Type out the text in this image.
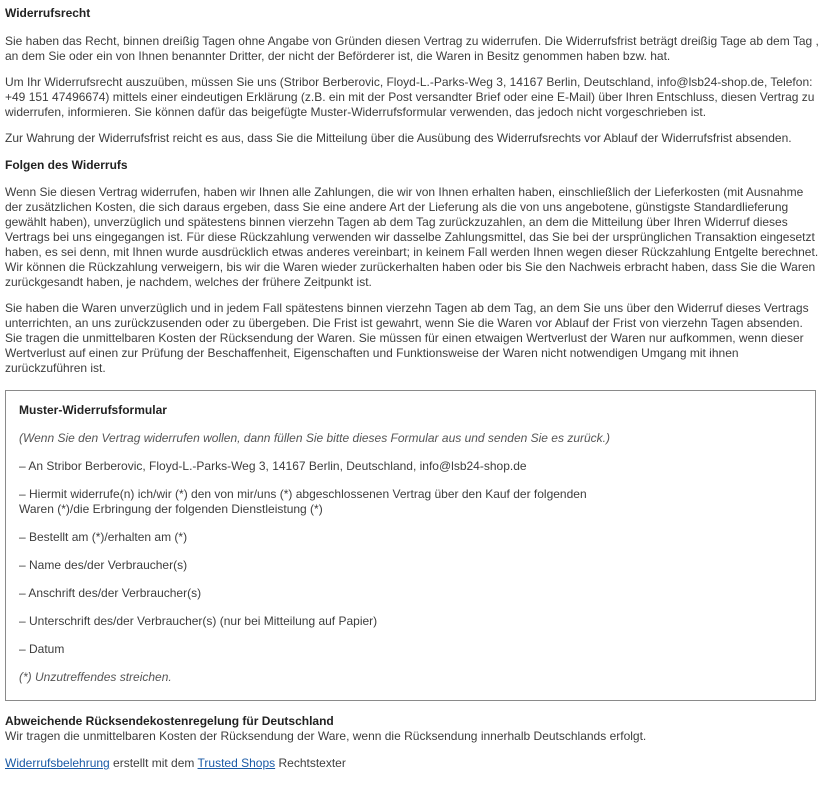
Widerrufsrecht

Sie haben das Recht, binnen dreißig Tagen ohne Angabe von Gründen diesen Vertrag zu widerrufen. Die Widerrufsfrist beträgt dreißig Tage ab dem Tag , an dem Sie oder ein von Ihnen benannter Dritter, der nicht der Beförderer ist, die Waren in Besitz genommen haben bzw. hat.

Um Ihr Widerrufsrecht auszuüben, müssen Sie uns (Stribor Berberovic, Floyd-L.-Parks-Weg 3, 14167 Berlin, Deutschland, info@lsb24-shop.de, Telefon: +49 151 47496674) mittels einer eindeutigen Erklärung (z.B. ein mit der Post versandter Brief oder eine E-Mail) über Ihren Entschluss, diesen Vertrag zu widerrufen, informieren. Sie können dafür das beigefügte Muster-Widerrufsformular verwenden, das jedoch nicht vorgeschrieben ist.

Zur Wahrung der Widerrufsfrist reicht es aus, dass Sie die Mitteilung über die Ausübung des Widerrufsrechts vor Ablauf der Widerrufsfrist absenden.

Folgen des Widerrufs

Wenn Sie diesen Vertrag widerrufen, haben wir Ihnen alle Zahlungen, die wir von Ihnen erhalten haben, einschließlich der Lieferkosten (mit Ausnahme der zusätzlichen Kosten, die sich daraus ergeben, dass Sie eine andere Art der Lieferung als die von uns angebotene, günstigste Standardlieferung gewählt haben), unverzüglich und spätestens binnen vierzehn Tagen ab dem Tag zurückzuzahlen, an dem die Mitteilung über Ihren Widerruf dieses Vertrags bei uns eingegangen ist. Für diese Rückzahlung verwenden wir dasselbe Zahlungsmittel, das Sie bei der ursprünglichen Transaktion eingesetzt haben, es sei denn, mit Ihnen wurde ausdrücklich etwas anderes vereinbart; in keinem Fall werden Ihnen wegen dieser Rückzahlung Entgelte berechnet. Wir können die Rückzahlung verweigern, bis wir die Waren wieder zurückerhalten haben oder bis Sie den Nachweis erbracht haben, dass Sie die Waren zurückgesandt haben, je nachdem, welches der frühere Zeitpunkt ist.

Sie haben die Waren unverzüglich und in jedem Fall spätestens binnen vierzehn Tagen ab dem Tag, an dem Sie uns über den Widerruf dieses Vertrags unterrichten, an uns zurückzusenden oder zu übergeben. Die Frist ist gewahrt, wenn Sie die Waren vor Ablauf der Frist von vierzehn Tagen absenden. Sie tragen die unmittelbaren Kosten der Rücksendung der Waren. Sie müssen für einen etwaigen Wertverlust der Waren nur aufkommen, wenn dieser Wertverlust auf einen zur Prüfung der Beschaffenheit, Eigenschaften und Funktionsweise der Waren nicht notwendigen Umgang mit ihnen zurückzuführen ist.

Muster-Widerrufsformular
(Wenn Sie den Vertrag widerrufen wollen, dann füllen Sie bitte dieses Formular aus und senden Sie es zurück.)
– An Stribor Berberovic, Floyd-L.-Parks-Weg 3, 14167 Berlin, Deutschland, info@lsb24-shop.de
– Hiermit widerrufe(n) ich/wir (*) den von mir/uns (*) abgeschlossenen Vertrag über den Kauf der folgenden
Waren (*)/die Erbringung der folgenden Dienstleistung (*)
– Bestellt am (*)/erhalten am (*)
– Name des/der Verbraucher(s)
– Anschrift des/der Verbraucher(s)
– Unterschrift des/der Verbraucher(s) (nur bei Mitteilung auf Papier)
– Datum
(*) Unzutreffendes streichen.
Abweichende Rücksendekostenregelung für Deutschland
Wir tragen die unmittelbaren Kosten der Rücksendung der Ware, wenn die Rücksendung innerhalb Deutschlands erfolgt.
Widerrufsbelehrung erstellt mit dem Trusted Shops Rechtstexter
